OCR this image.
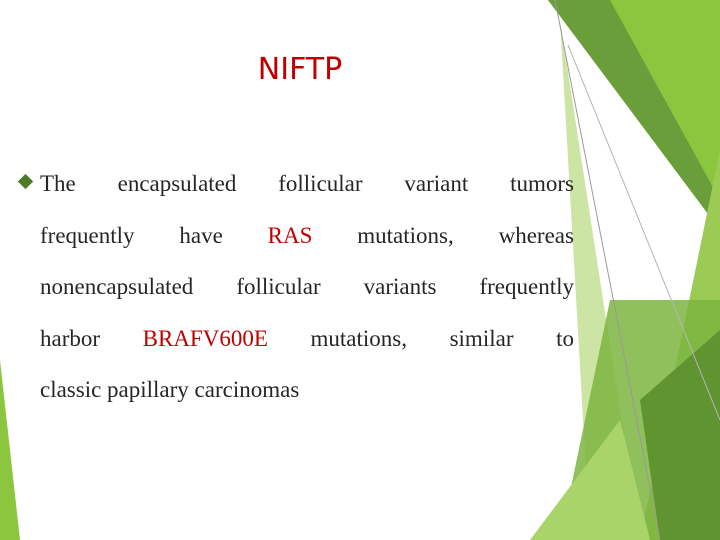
NIFTP
The encapsulated follicular variant tumors
frequently have RAS mutations, whereas
nonencapsulated follicular variants frequently
harbor BRAFV600E mutations, similar to
classic papillary carcinomas
